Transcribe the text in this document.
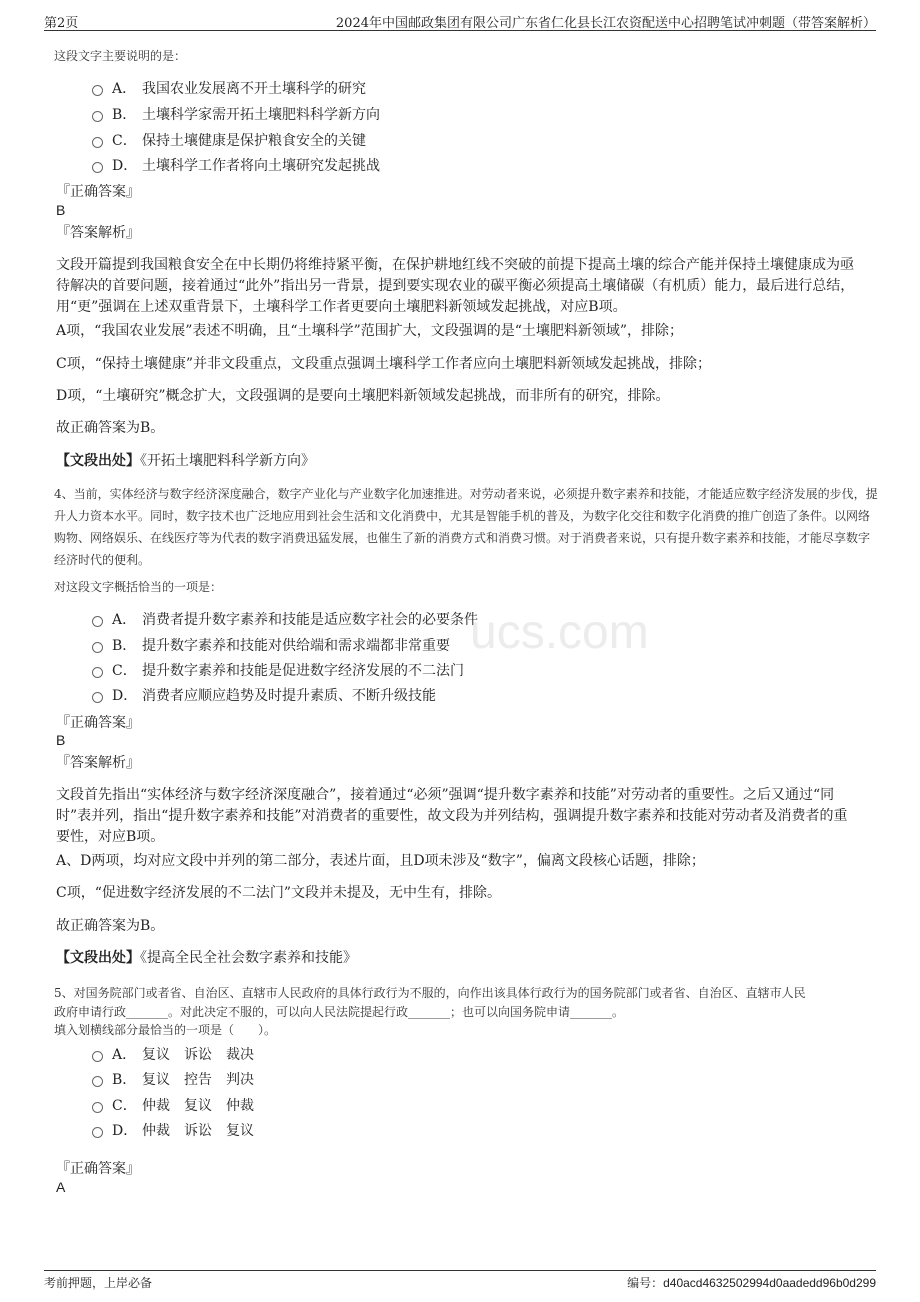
第2页	2024年中国邮政集团有限公司广东省仁化县长江农资配送中心招聘笔试冲刺题（带答案解析）
ucs.com
这段文字主要说明的是：
A． 我国农业发展离不开土壤科学的研究
B． 土壤科学家需开拓土壤肥料科学新方向
C． 保持土壤健康是保护粮食安全的关键
D． 土壤科学工作者将向土壤研究发起挑战
『正确答案』
B
『答案解析』
文段开篇提到我国粮食安全在中长期仍将维持紧平衡，在保护耕地红线不突破的前提下提高土壤的综合产能并保持土壤健康成为亟待解决的首要问题，接着通过“此外”指出另一背景，提到要实现农业的碳平衡必须提高土壤储碳（有机质）能力，最后进行总结，用“更”强调在上述双重背景下，土壤科学工作者更要向土壤肥料新领域发起挑战，对应B项。
A项，“我国农业发展”表述不明确，且“土壤科学”范围扩大，文段强调的是“土壤肥料新领域”，排除；
C项，“保持土壤健康”并非文段重点，文段重点强调土壤科学工作者应向土壤肥料新领域发起挑战，排除；
D项，“土壤研究”概念扩大，文段强调的是要向土壤肥料新领域发起挑战，而非所有的研究，排除。
故正确答案为B。
【文段出处】《开拓土壤肥料科学新方向》
4、当前，实体经济与数字经济深度融合，数字产业化与产业数字化加速推进。对劳动者来说，必须提升数字素养和技能，才能适应数字经济发展的步伐，提升人力资本水平。同时，数字技术也广泛地应用到社会生活和文化消费中，尤其是智能手机的普及，为数字化交往和数字化消费的推广创造了条件。以网络购物、网络娱乐、在线医疗等为代表的数字消费迅猛发展，也催生了新的消费方式和消费习惯。对于消费者来说，只有提升数字素养和技能，才能尽享数字经济时代的便利。
对这段文字概括恰当的一项是：
A． 消费者提升数字素养和技能是适应数字社会的必要条件
B． 提升数字素养和技能对供给端和需求端都非常重要
C． 提升数字素养和技能是促进数字经济发展的不二法门
D． 消费者应顺应趋势及时提升素质、不断升级技能
『正确答案』
B
『答案解析』
文段首先指出“实体经济与数字经济深度融合”，接着通过“必须”强调“提升数字素养和技能”对劳动者的重要性。之后又通过“同时”表并列，指出“提升数字素养和技能”对消费者的重要性，故文段为并列结构，强调提升数字素养和技能对劳动者及消费者的重要性，对应B项。
A、D两项，均对应文段中并列的第二部分，表述片面，且D项未涉及“数字”，偏离文段核心话题，排除；
C项，“促进数字经济发展的不二法门”文段并未提及，无中生有，排除。
故正确答案为B。
【文段出处】《提高全民全社会数字素养和技能》
5、对国务院部门或者省、自治区、直辖市人民政府的具体行政行为不服的，向作出该具体行政行为的国务院部门或者省、自治区、直辖市人民
政府申请行政_______。对此决定不服的，可以向人民法院提起行政_______；也可以向国务院申请_______。
填入划横线部分最恰当的一项是（　　）。
A． 复议　诉讼　裁决
B． 复议　控告　判决
C． 仲裁　复议　仲裁
D． 仲裁　诉讼　复议
『正确答案』
A
考前押题，上岸必备	编号：d40acd4632502994d0aadedd96b0d299
